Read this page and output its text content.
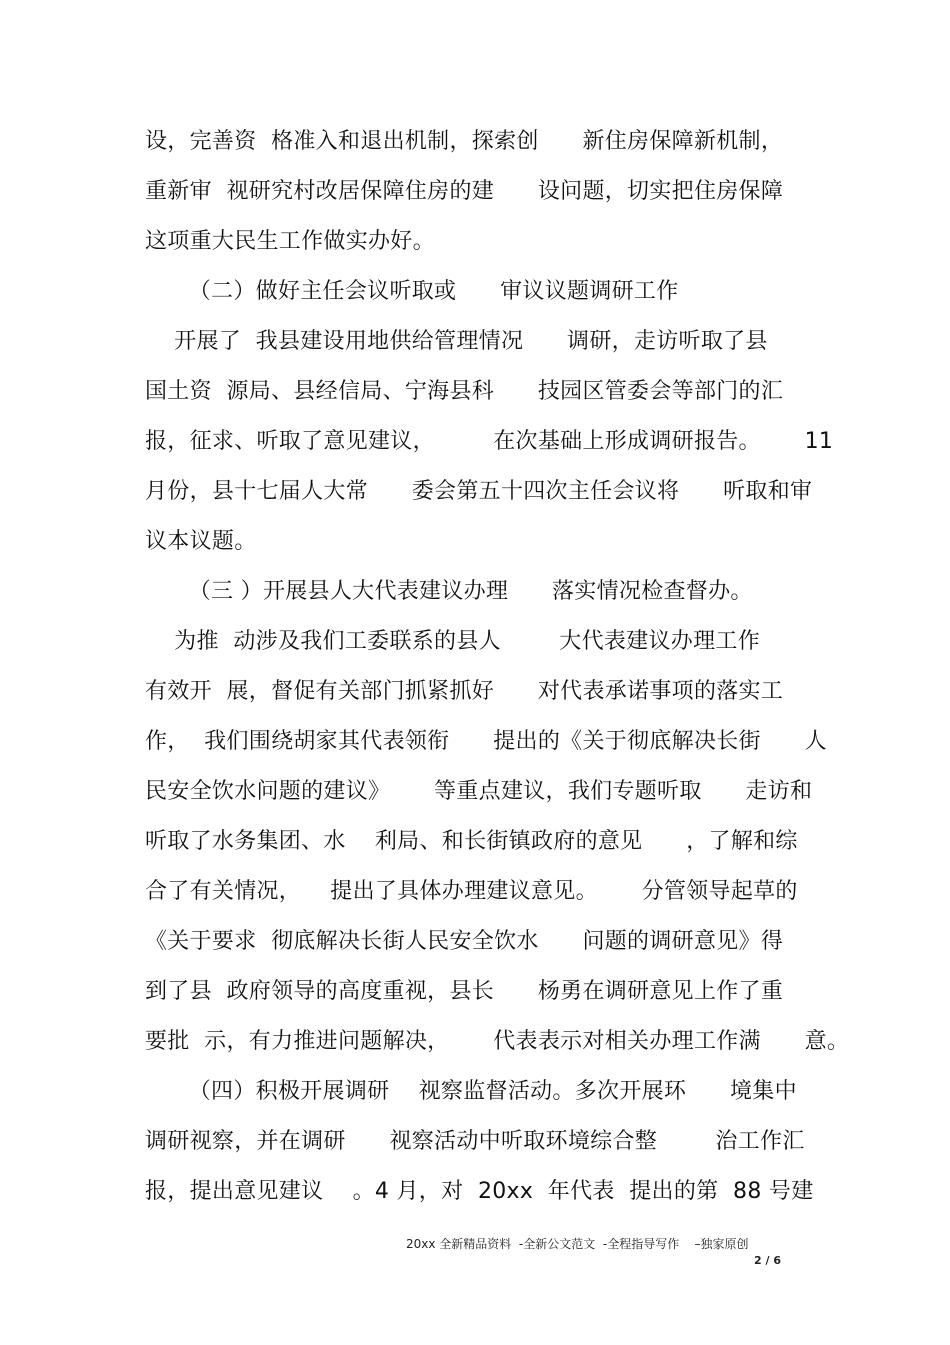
设，完善资  格准入和退出机制，探索创      新住房保障新机制，
重新审  视研究村改居保障住房的建      设问题，切实把住房保障
这项重大民生工作做实办好。
（二）做好主任会议听取或      审议议题调研工作
开展了  我县建设用地供给管理情况      调研，走访听取了县
国土资  源局、县经信局、宁海县科      技园区管委会等部门的汇
报，征求、听取了意见建议，        在次基础上形成调研报告。      11
月份，县十七届人大常      委会第五十四次主任会议将      听取和审
议本议题。
（三 ）开展县人大代表建议办理      落实情况检查督办。
为推  动涉及我们工委联系的县人        大代表建议办理工作
有效开  展，督促有关部门抓紧抓好      对代表承诺事项的落实工
作，  我们围绕胡家其代表领衔      提出的《关于彻底解决长街      人
民安全饮水问题的建议》      等重点建议，我们专题听取      走访和
听取了水务集团、水    利局、和长街镇政府的意见      ，了解和综
合了有关情况，    提出了具体办理建议意见。      分管领导起草的
《关于要求  彻底解决长街人民安全饮水      问题的调研意见》得
到了县  政府领导的高度重视，县长      杨勇在调研意见上作了重
要批  示，有力推进问题解决，      代表表示对相关办理工作满      意。
（四）积极开展调研    视察监督活动。多次开展环      境集中
调研视察，并在调研      视察活动中听取环境综合整        治工作汇
报，提出意见建议    。4 月，对  20xx  年代表  提出的第  88 号建
20xx 全新精品资料  -全新公文范文  -全程指导写作    –独家原创
2 / 6
